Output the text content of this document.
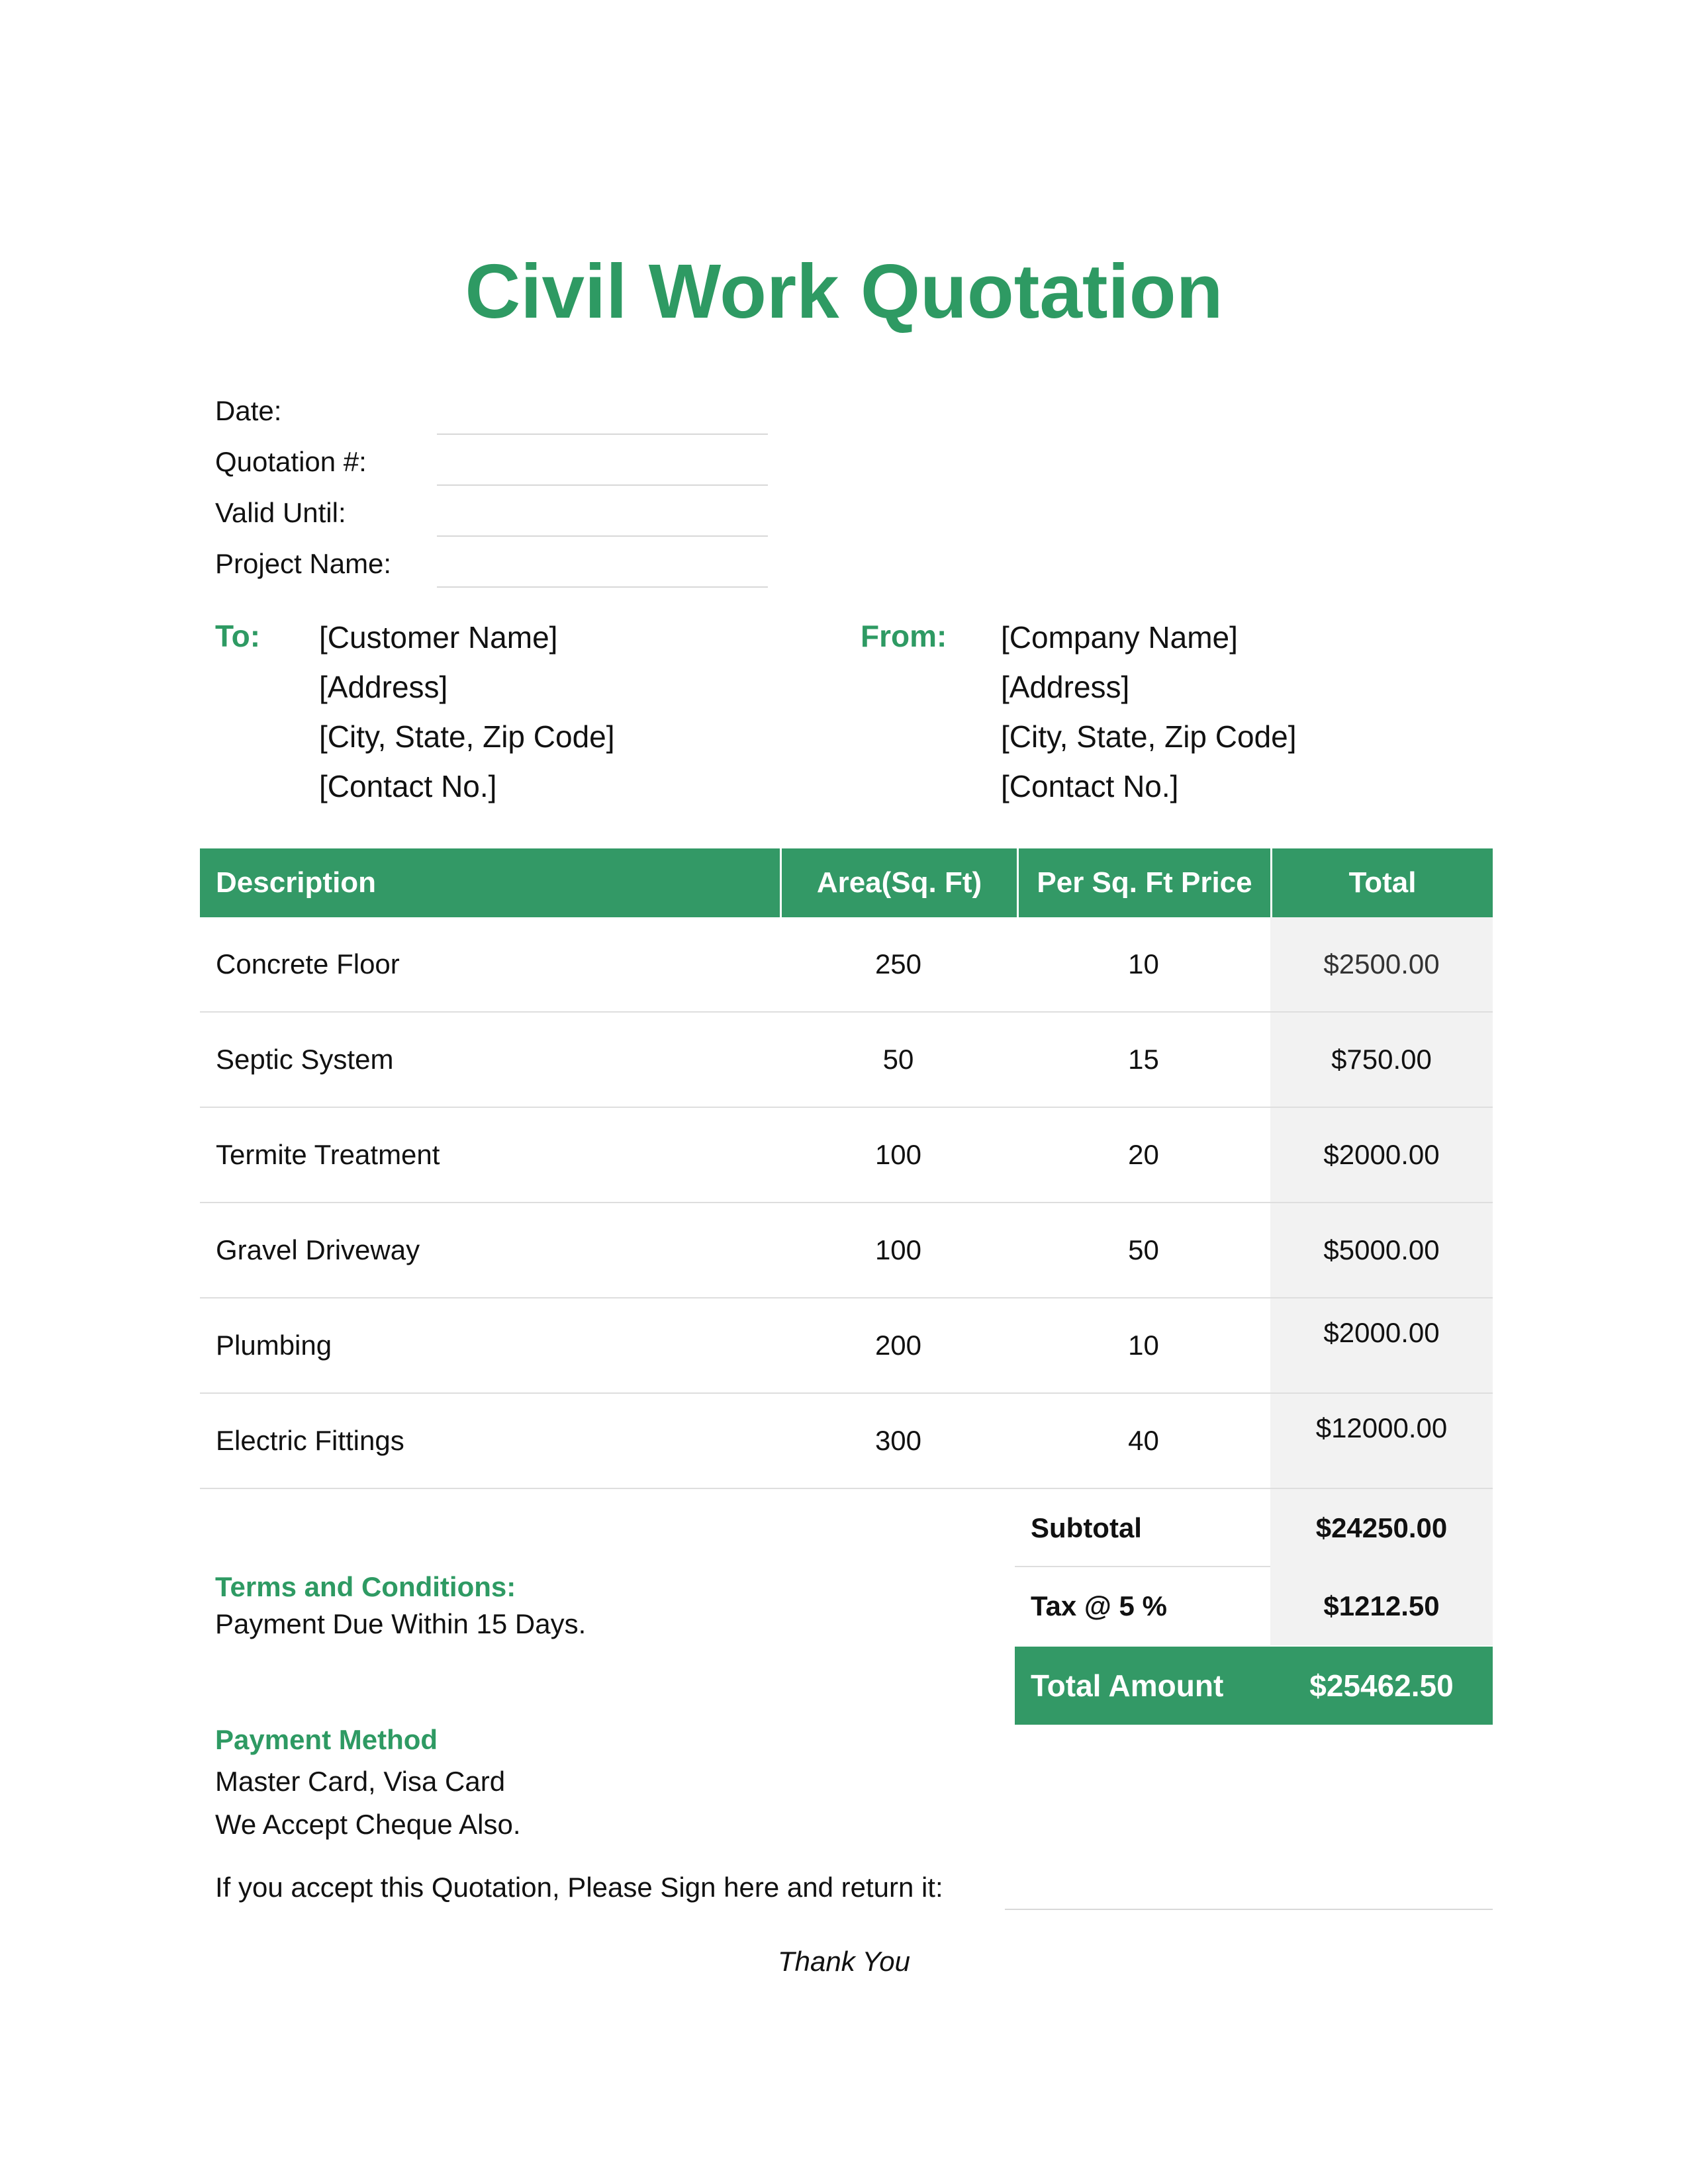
Civil Work Quotation
Date:
Quotation #:
Valid Until:
Project Name:
To: [Customer Name]
[Address]
[City, State, Zip Code]
[Contact No.]
From: [Company Name]
[Address]
[City, State, Zip Code]
[Contact No.]
Description	Area(Sq. Ft)	Per Sq. Ft Price	Total
Concrete Floor	250	10	$2500.00
Septic System	50	15	$750.00
Termite Treatment	100	20	$2000.00
Gravel Driveway	100	50	$5000.00
Plumbing	200	10	$2000.00
Electric Fittings	300	40	$12000.00
Subtotal	$24250.00
Tax @ 5 %	$1212.50
Total Amount	$25462.50
Terms and Conditions:
Payment Due Within 15 Days.
Payment Method
Master Card, Visa Card
We Accept Cheque Also.
If you accept this Quotation, Please Sign here and return it:
Thank You
